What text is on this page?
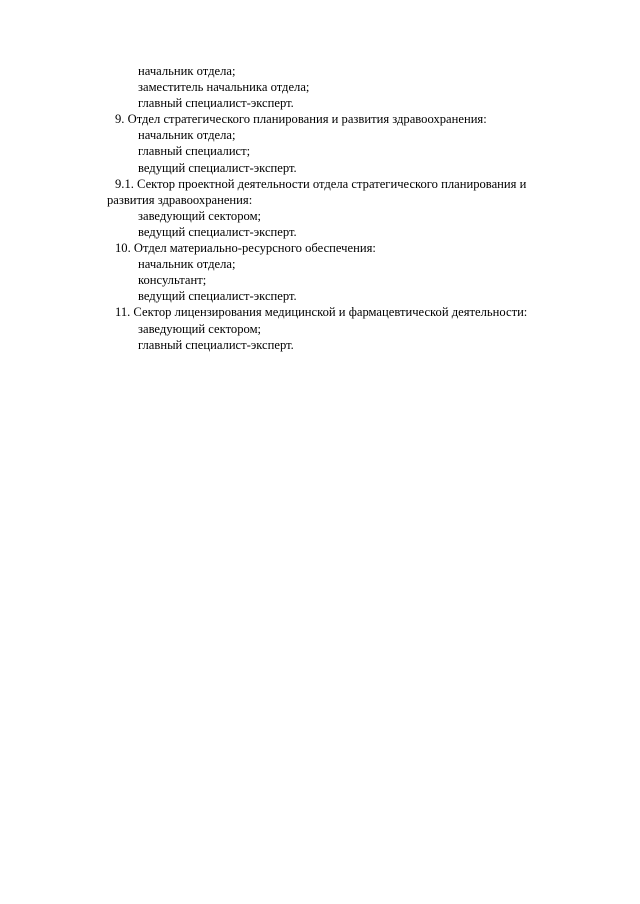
начальник отдела;
заместитель начальника отдела;
главный специалист-эксперт.
9. Отдел стратегического планирования и развития здравоохранения:
начальник отдела;
главный специалист;
ведущий специалист-эксперт.
9.1. Сектор проектной деятельности отдела стратегического планирования и
развития здравоохранения:
заведующий сектором;
ведущий специалист-эксперт.
10. Отдел материально-ресурсного обеспечения:
начальник отдела;
консультант;
ведущий специалист-эксперт.
11. Сектор лицензирования медицинской и фармацевтической деятельности:
заведующий сектором;
главный специалист-эксперт.
